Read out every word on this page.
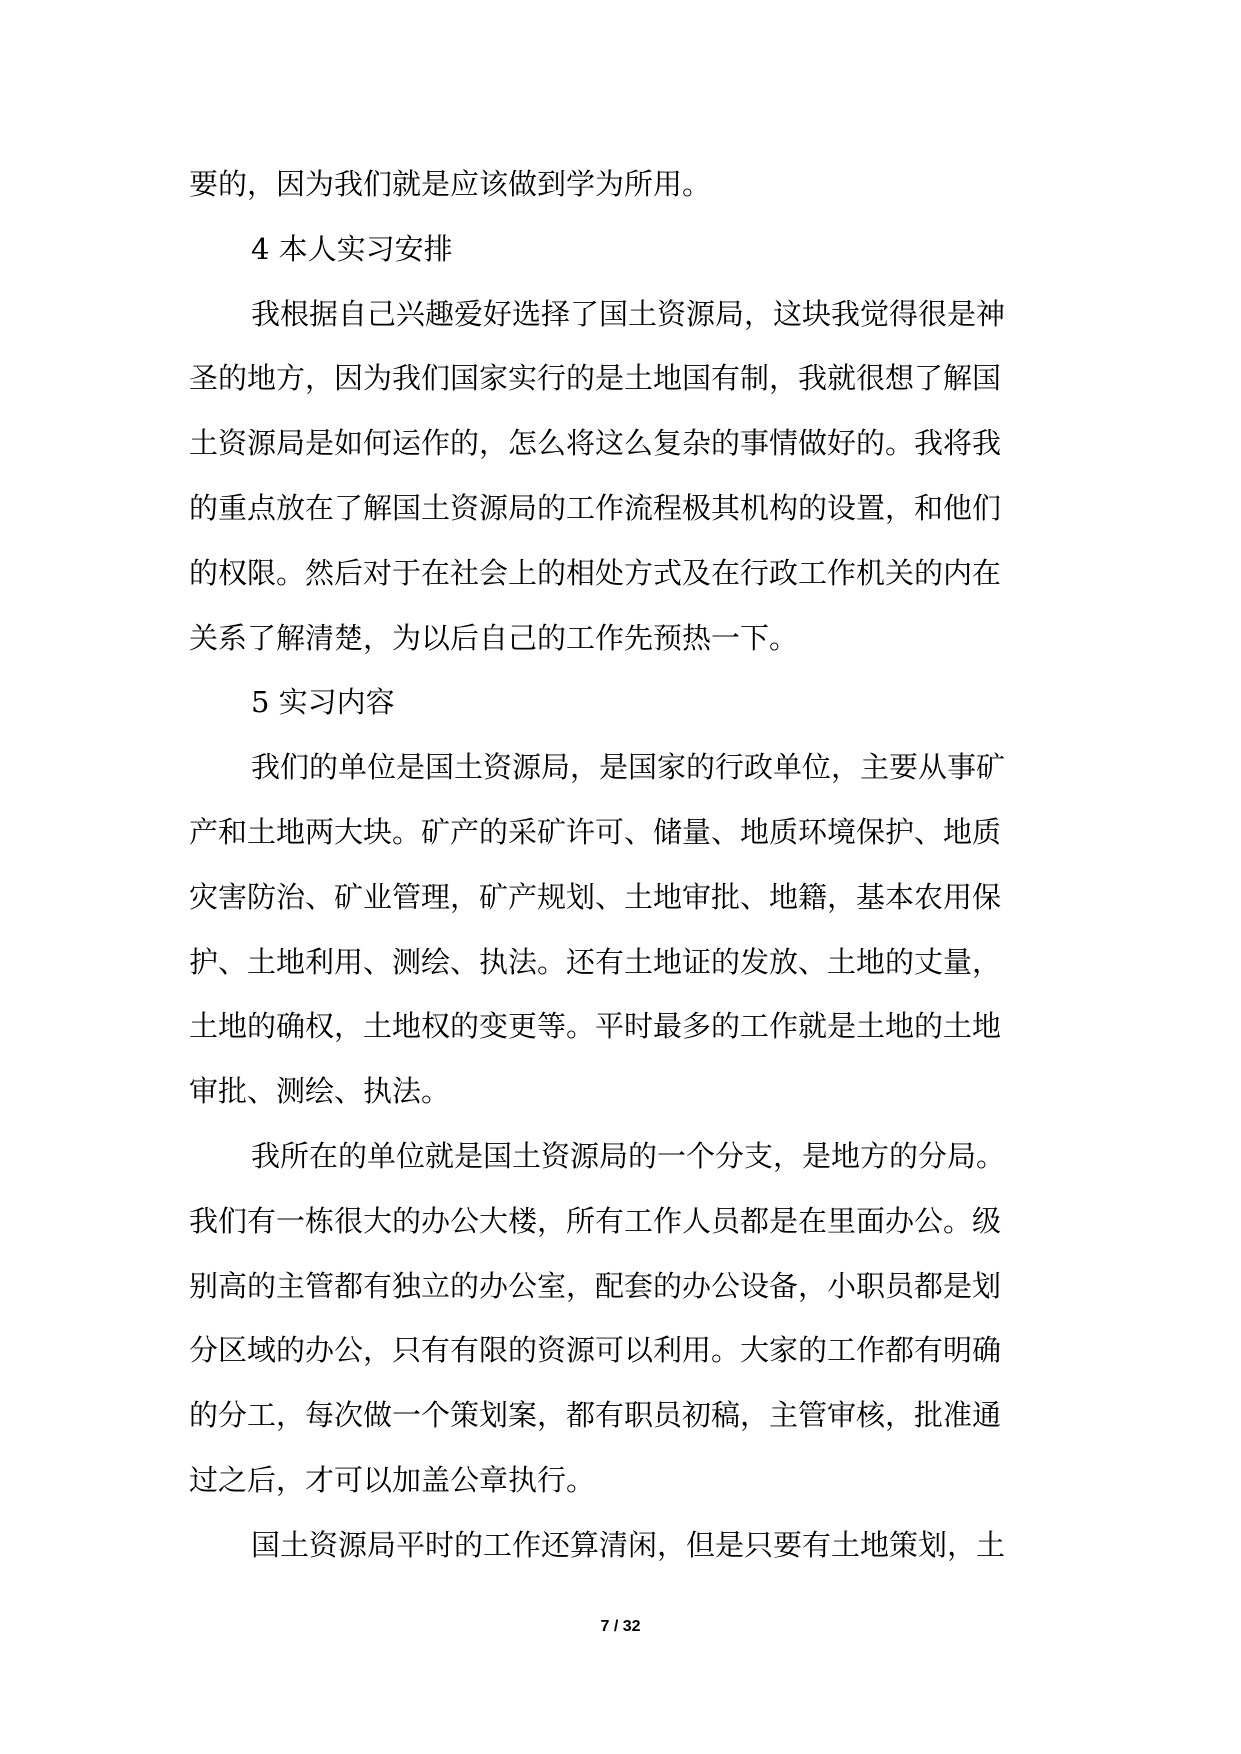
要的，因为我们就是应该做到学为所用。
4 本人实习安排
我根据自己兴趣爱好选择了国土资源局，这块我觉得很是神
圣的地方，因为我们国家实行的是土地国有制，我就很想了解国
土资源局是如何运作的，怎么将这么复杂的事情做好的。我将我
的重点放在了解国土资源局的工作流程极其机构的设置，和他们
的权限。然后对于在社会上的相处方式及在行政工作机关的内在
关系了解清楚，为以后自己的工作先预热一下。
5 实习内容
我们的单位是国土资源局，是国家的行政单位，主要从事矿
产和土地两大块。矿产的采矿许可、储量、地质环境保护、地质
灾害防治、矿业管理，矿产规划、土地审批、地籍，基本农用保
护、土地利用、测绘、执法。还有土地证的发放、土地的丈量，
土地的确权，土地权的变更等。平时最多的工作就是土地的土地
审批、测绘、执法。
我所在的单位就是国土资源局的一个分支，是地方的分局。
我们有一栋很大的办公大楼，所有工作人员都是在里面办公。级
别高的主管都有独立的办公室，配套的办公设备，小职员都是划
分区域的办公，只有有限的资源可以利用。大家的工作都有明确
的分工，每次做一个策划案，都有职员初稿，主管审核，批准通
过之后，才可以加盖公章执行。
国土资源局平时的工作还算清闲，但是只要有土地策划，土
7 / 32
